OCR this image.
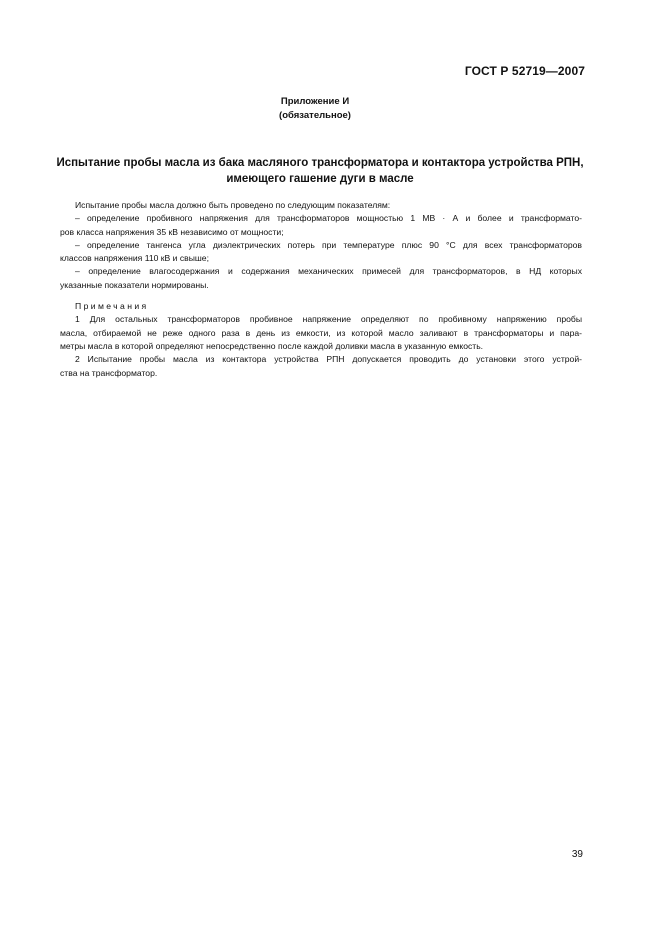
ГОСТ Р 52719—2007
Приложение И
(обязательное)
Испытание пробы масла из бака масляного трансформатора и контактора устройства РПН,
имеющего гашение дуги в масле

Испытание пробы масла должно быть проведено по следующим показателям:

– определение пробивного напряжения для трансформаторов мощностью 1 МВ · А и более и трансформато-
ров класса напряжения 35 кВ независимо от мощности;

– определение тангенса угла диэлектрических потерь при температуре плюс 90 °С для всех трансформаторов
классов напряжения 110 кВ и свыше;

– определение влагосодержания и содержания механических примесей для трансформаторов, в НД которых
указанные показатели нормированы.

Примечания

1 Для остальных трансформаторов пробивное напряжение определяют по пробивному напряжению пробы
масла, отбираемой не реже одного раза в день из емкости, из которой масло заливают в трансформаторы и пара-
метры масла в которой определяют непосредственно после каждой доливки масла в указанную емкость.

2 Испытание пробы масла из контактора устройства РПН допускается проводить до установки этого устрой-
ства на трансформатор.

39
